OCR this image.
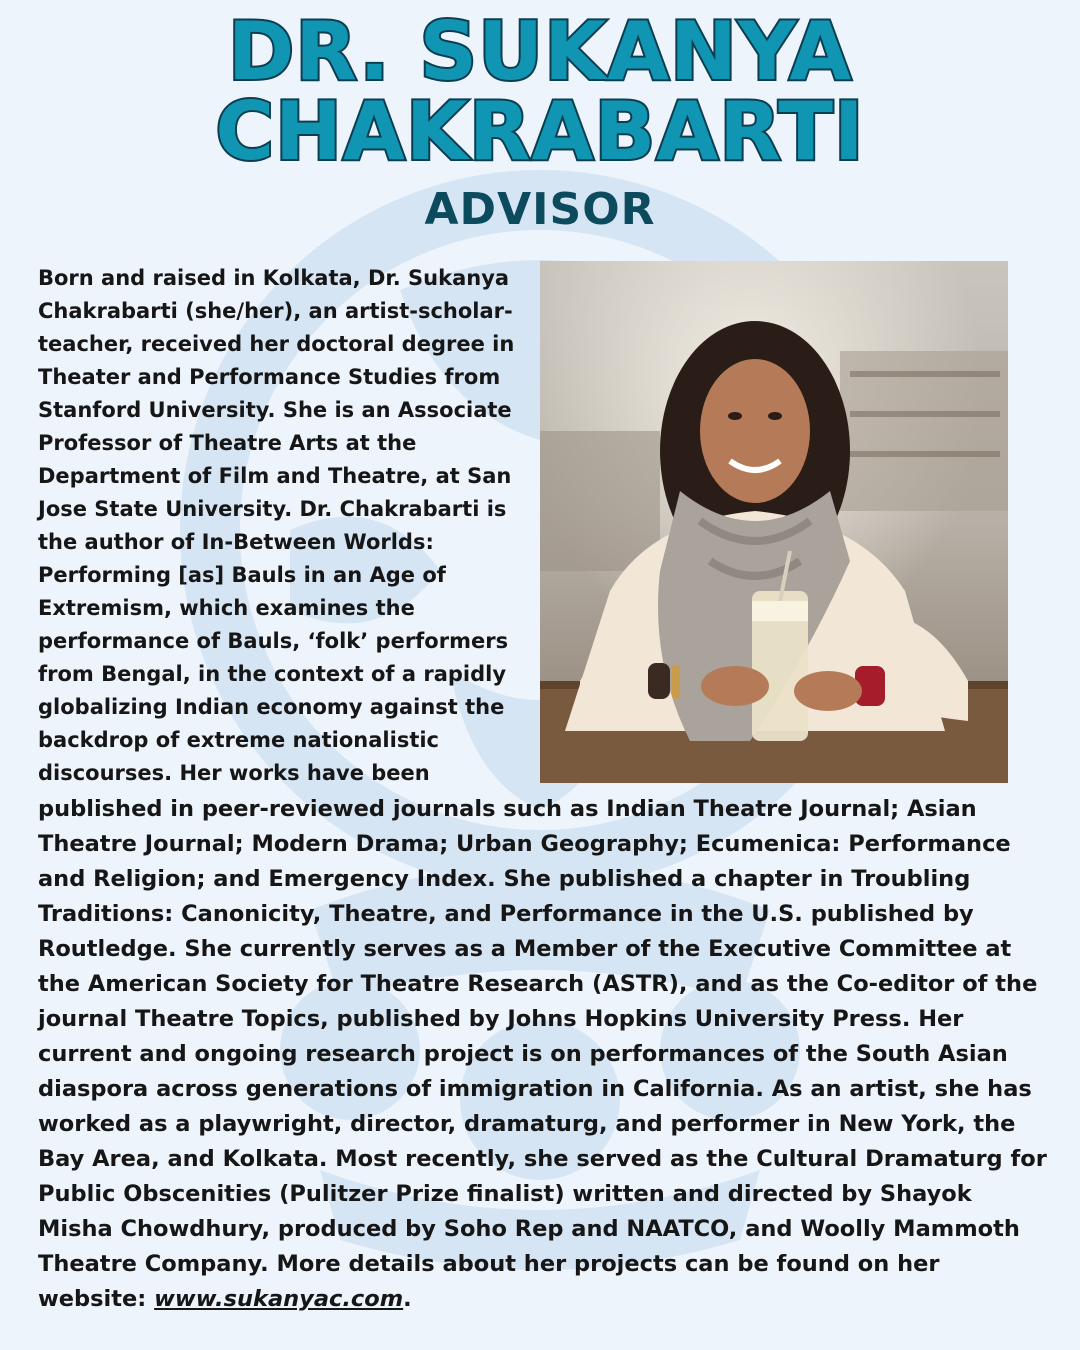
DR. SUKANYA
CHAKRABARTI
ADVISOR

Born and raised in Kolkata, Dr. Sukanya Chakrabarti (she/her), an artist-scholar-teacher, received her doctoral degree in Theater and Performance Studies from Stanford University. She is an Associate Professor of Theatre Arts at the Department of Film and Theatre, at San Jose State University. Dr. Chakrabarti is the author of In-Between Worlds: Performing [as] Bauls in an Age of Extremism, which examines the performance of Bauls, ‘folk’ performers from Bengal, in the context of a rapidly globalizing Indian economy against the backdrop of extreme nationalistic discourses. Her works have been

published in peer-reviewed journals such as Indian Theatre Journal; Asian Theatre Journal; Modern Drama; Urban Geography; Ecumenica: Performance and Religion; and Emergency Index. She published a chapter in Troubling Traditions: Canonicity, Theatre, and Performance in the U.S. published by Routledge. She currently serves as a Member of the Executive Committee at the American Society for Theatre Research (ASTR), and as the Co-editor of the journal Theatre Topics, published by Johns Hopkins University Press. Her current and ongoing research project is on performances of the South Asian diaspora across generations of immigration in California. As an artist, she has worked as a playwright, director, dramaturg, and performer in New York, the Bay Area, and Kolkata. Most recently, she served as the Cultural Dramaturg for Public Obscenities (Pulitzer Prize finalist) written and directed by Shayok Misha Chowdhury, produced by Soho Rep and NAATCO, and Woolly Mammoth Theatre Company. More details about her projects can be found on her website: www.sukanyac.com.
